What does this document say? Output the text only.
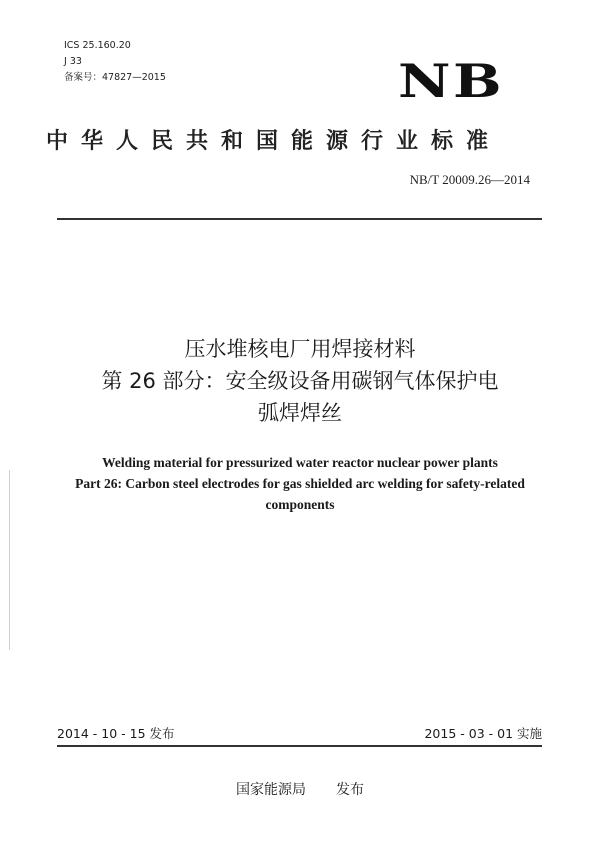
ICS 25.160.20
J 33
备案号：47827—2015	NB
中华人民共和国能源行业标准
NB/T 20009.26—2014
压水堆核电厂用焊接材料
第 26 部分：安全级设备用碳钢气体保护电
弧焊焊丝
Welding material for pressurized water reactor nuclear power plants
Part 26: Carbon steel electrodes for gas shielded arc welding for safety-related
components
2014 - 10 - 15 发布	2015 - 03 - 01 实施
国家能源局 发布
